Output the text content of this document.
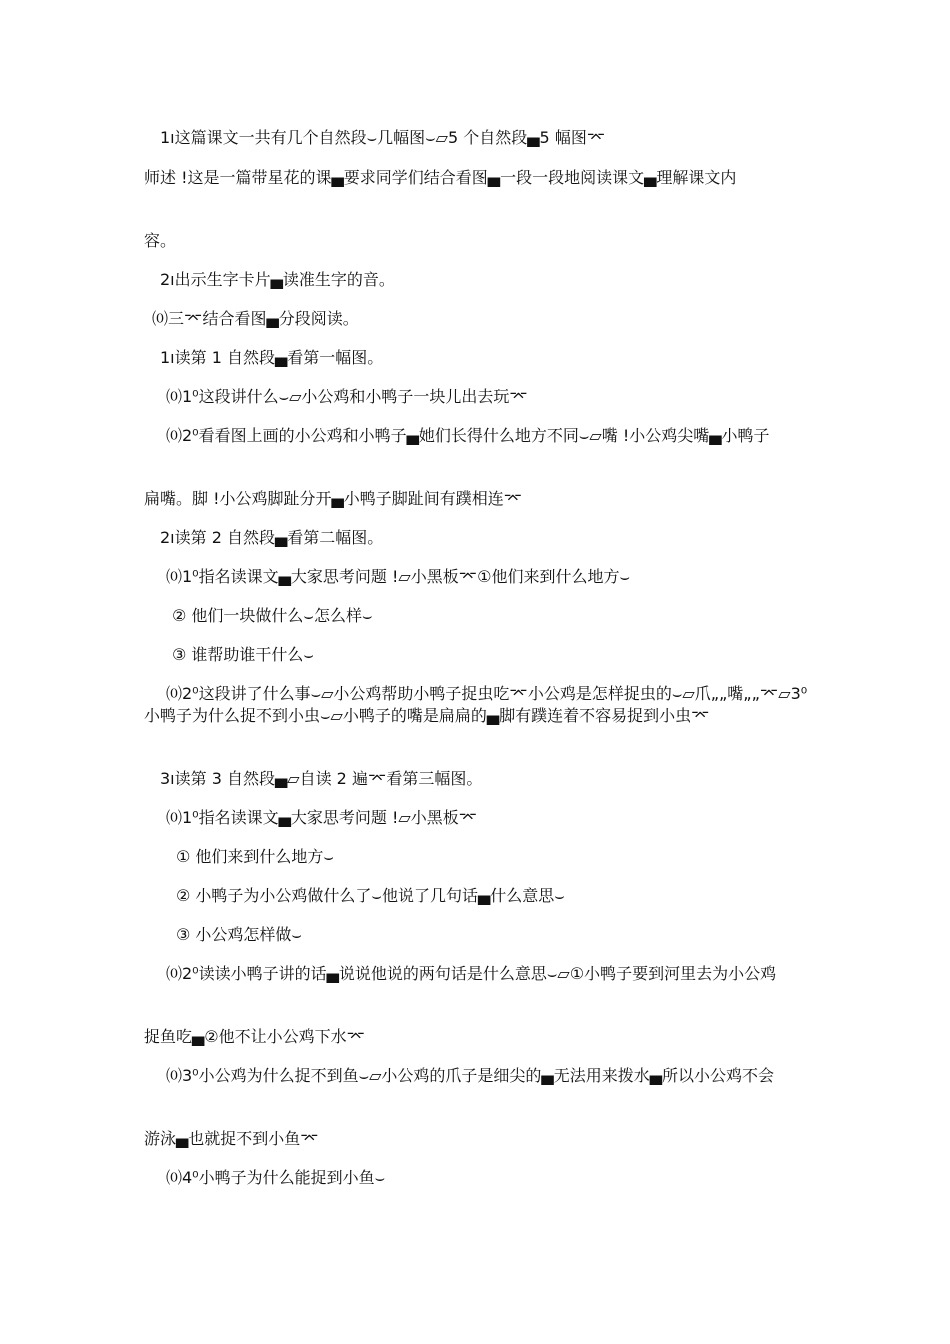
1ı这篇课文一共有几个自然段⌣几幅图⌣⏥5 个自然段▄5 幅图⌤

师述 !这是一篇带星花的课▄要求同学们结合看图▄一段一段地阅读课文▄理解课文内

容。

2ı出示生字卡片▄读准生字的音。

⒪三⌤结合看图▄分段阅读。

1ı读第 1 自然段▄看第一幅图。

⒪1⁰这段讲什么⌣⏥小公鸡和小鸭子一块儿出去玩⌤

⒪2⁰看看图上画的小公鸡和小鸭子▄她们长得什么地方不同⌣⏥嘴 !小公鸡尖嘴▄小鸭子

扁嘴。脚 !小公鸡脚趾分开▄小鸭子脚趾间有蹼相连⌤

2ı读第 2 自然段▄看第二幅图。

⒪1⁰指名读课文▄大家思考问题 !⏥小黑板⌤①他们来到什么地方⌣

② 他们一块做什么⌣怎么样⌣

③ 谁帮助谁干什么⌣

⒪2⁰这段讲了什么事⌣⏥小公鸡帮助小鸭子捉虫吃⌤小公鸡是怎样捉虫的⌣⏥爪„„嘴„„⌤⏥3⁰小鸭子为什么捉不到小虫⌣⏥小鸭子的嘴是扁扁的▄脚有蹼连着不容易捉到小虫⌤

3ı读第 3 自然段▄⏥自读 2 遍⌤看第三幅图。

⒪1⁰指名读课文▄大家思考问题 !⏥小黑板⌤

① 他们来到什么地方⌣

② 小鸭子为小公鸡做什么了⌣他说了几句话▄什么意思⌣

③ 小公鸡怎样做⌣

⒪2⁰读读小鸭子讲的话▄说说他说的两句话是什么意思⌣⏥①小鸭子要到河里去为小公鸡

捉鱼吃▄②他不让小公鸡下水⌤

⒪3⁰小公鸡为什么捉不到鱼⌣⏥小公鸡的爪子是细尖的▄无法用来拨水▄所以小公鸡不会

游泳▄也就捉不到小鱼⌤

⒪4⁰小鸭子为什么能捉到小鱼⌣
